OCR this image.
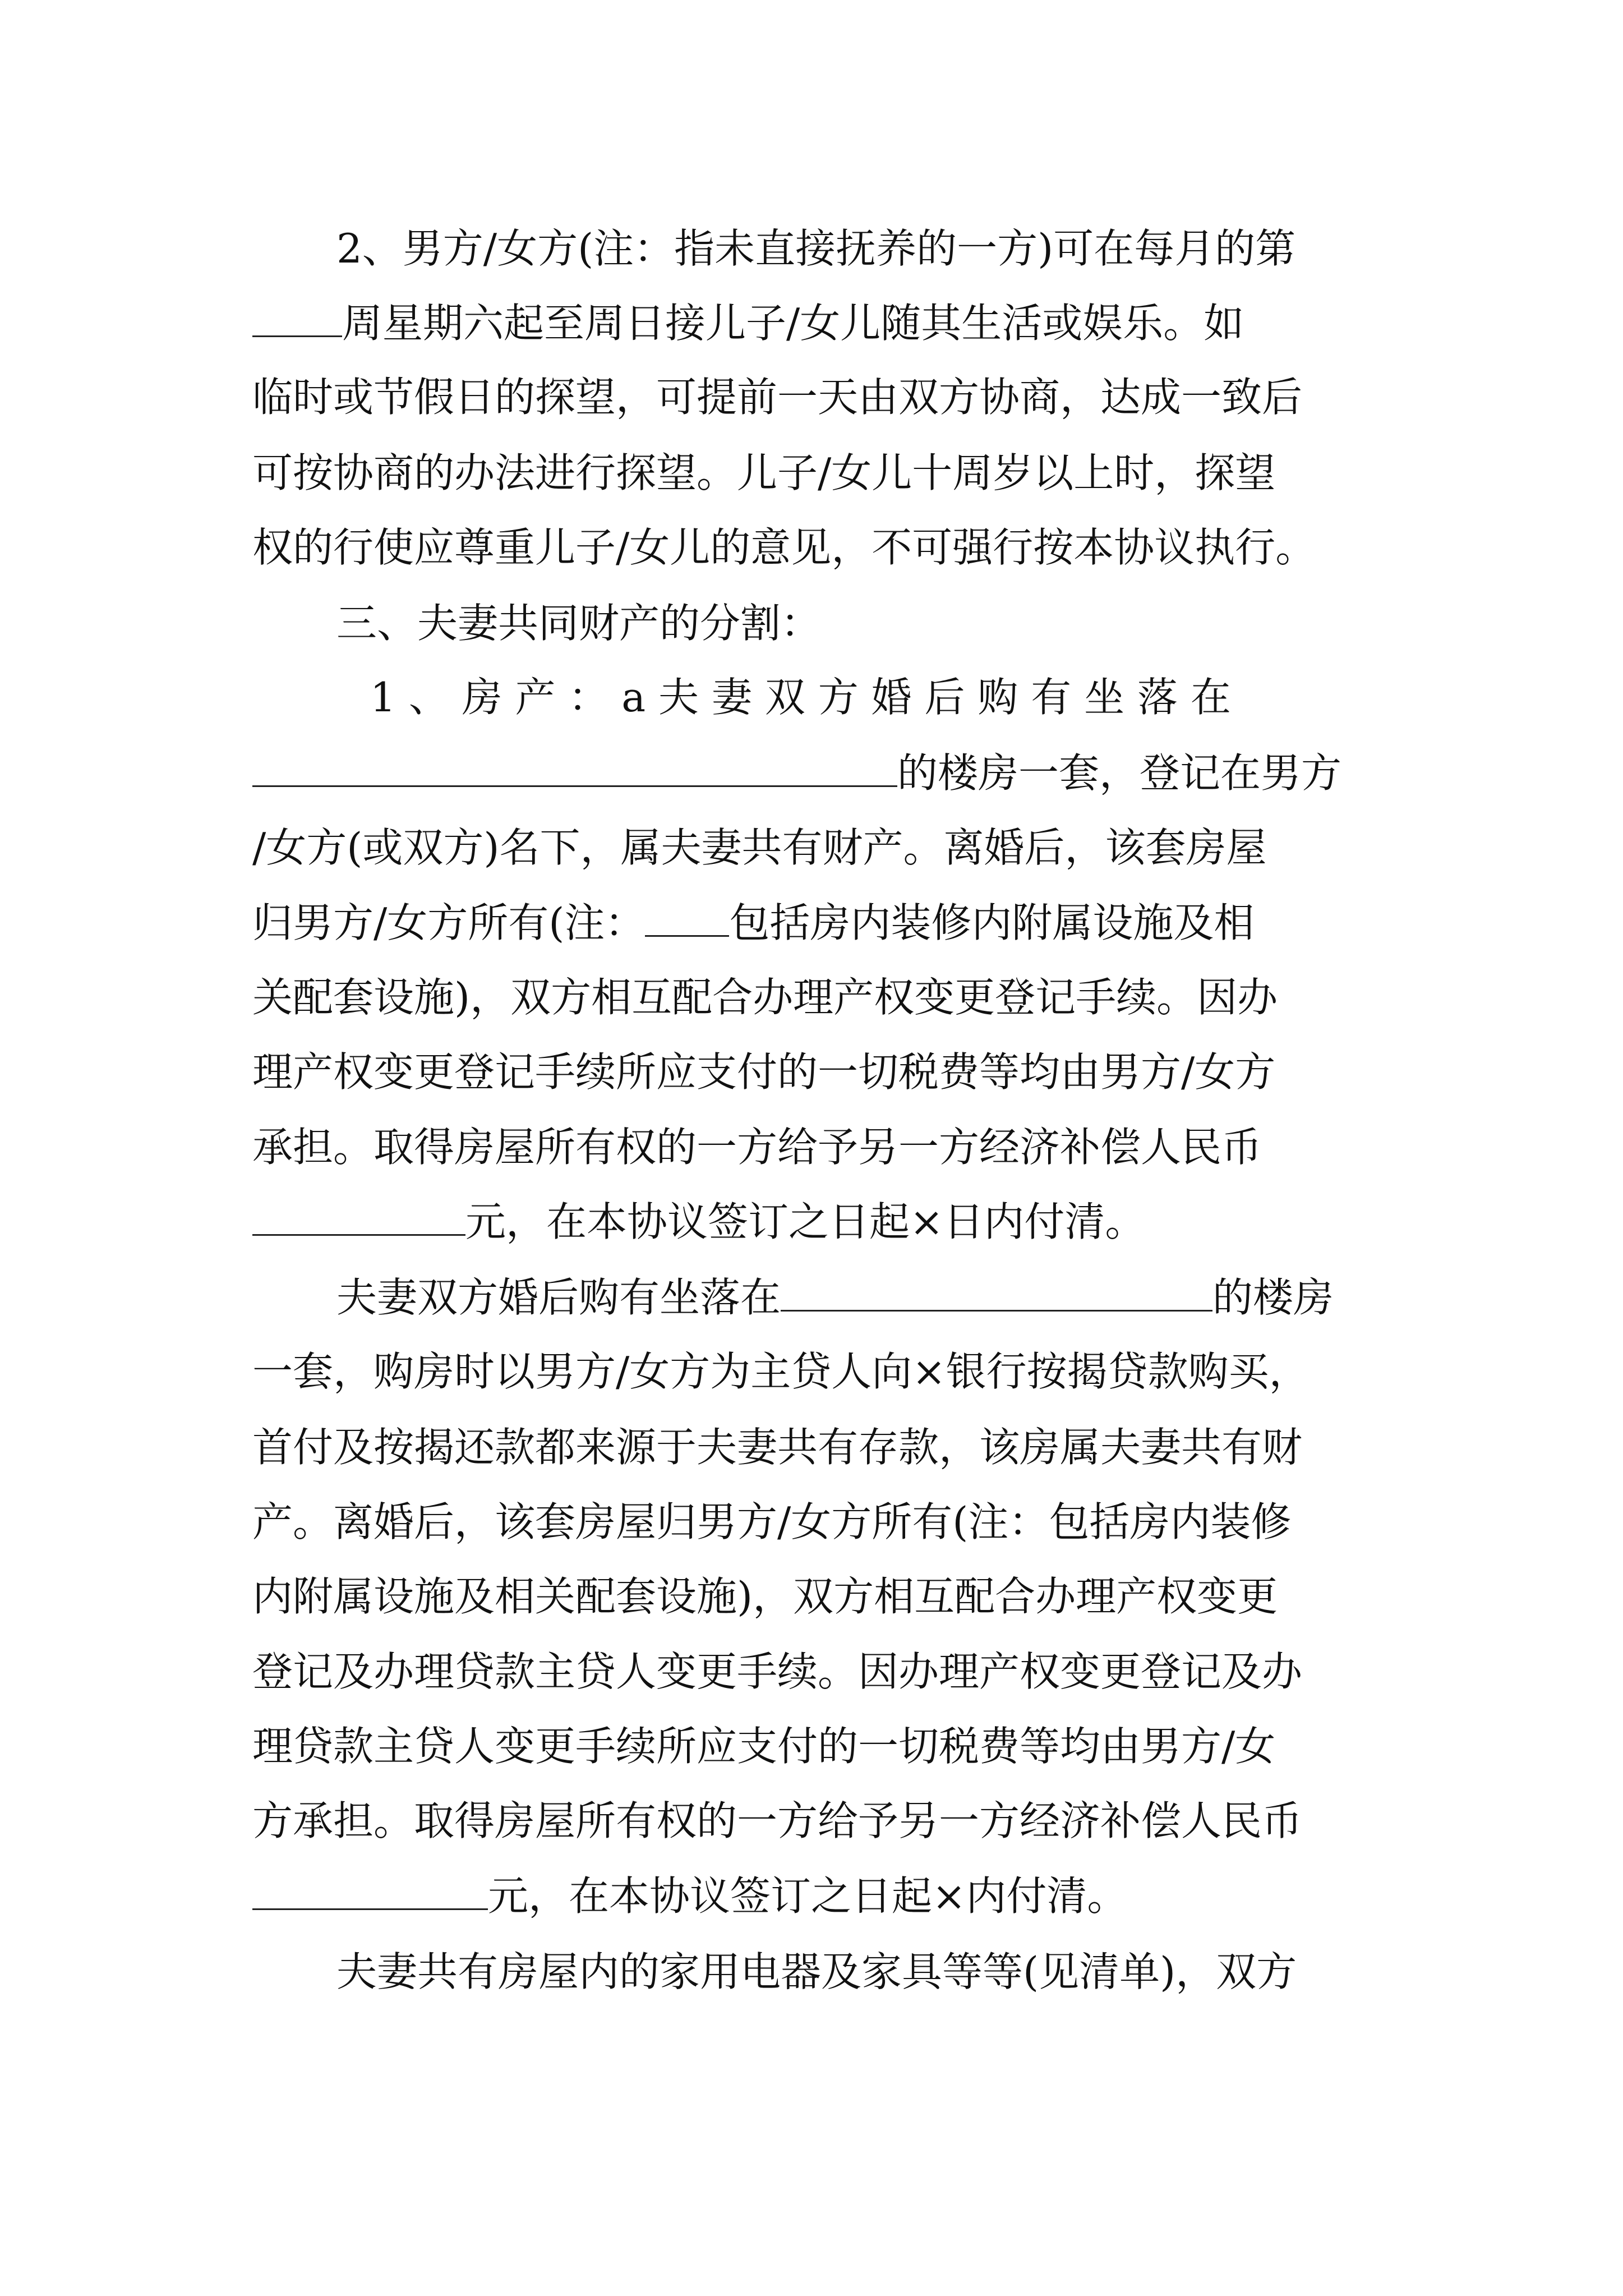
2、男方/女方(注：指未直接抚养的一方)可在每月的第
周星期六起至周日接儿子/女儿随其生活或娱乐。如
临时或节假日的探望，可提前一天由双方协商，达成一致后
可按协商的办法进行探望。儿子/女儿十周岁以上时，探望
权的行使应尊重儿子/女儿的意见，不可强行按本协议执行。
三、夫妻共同财产的分割：
1 、 房 产 ： a 夫 妻 双 方 婚 后 购 有 坐 落 在
的楼房一套，登记在男方
/女方(或双方)名下，属夫妻共有财产。离婚后，该套房屋
归男方/女方所有(注： 包括房内装修内附属设施及相
关配套设施)，双方相互配合办理产权变更登记手续。因办
理产权变更登记手续所应支付的一切税费等均由男方/女方
承担。取得房屋所有权的一方给予另一方经济补偿人民币
元，在本协议签订之日起×日内付清。
夫妻双方婚后购有坐落在	的楼房
一套，购房时以男方/女方为主贷人向×银行按揭贷款购买，
首付及按揭还款都来源于夫妻共有存款，该房属夫妻共有财
产。离婚后，该套房屋归男方/女方所有(注：包括房内装修
内附属设施及相关配套设施)，双方相互配合办理产权变更
登记及办理贷款主贷人变更手续。因办理产权变更登记及办
理贷款主贷人变更手续所应支付的一切税费等均由男方/女
方承担。取得房屋所有权的一方给予另一方经济补偿人民币
元，在本协议签订之日起×内付清。
夫妻共有房屋内的家用电器及家具等等(见清单)，双方
